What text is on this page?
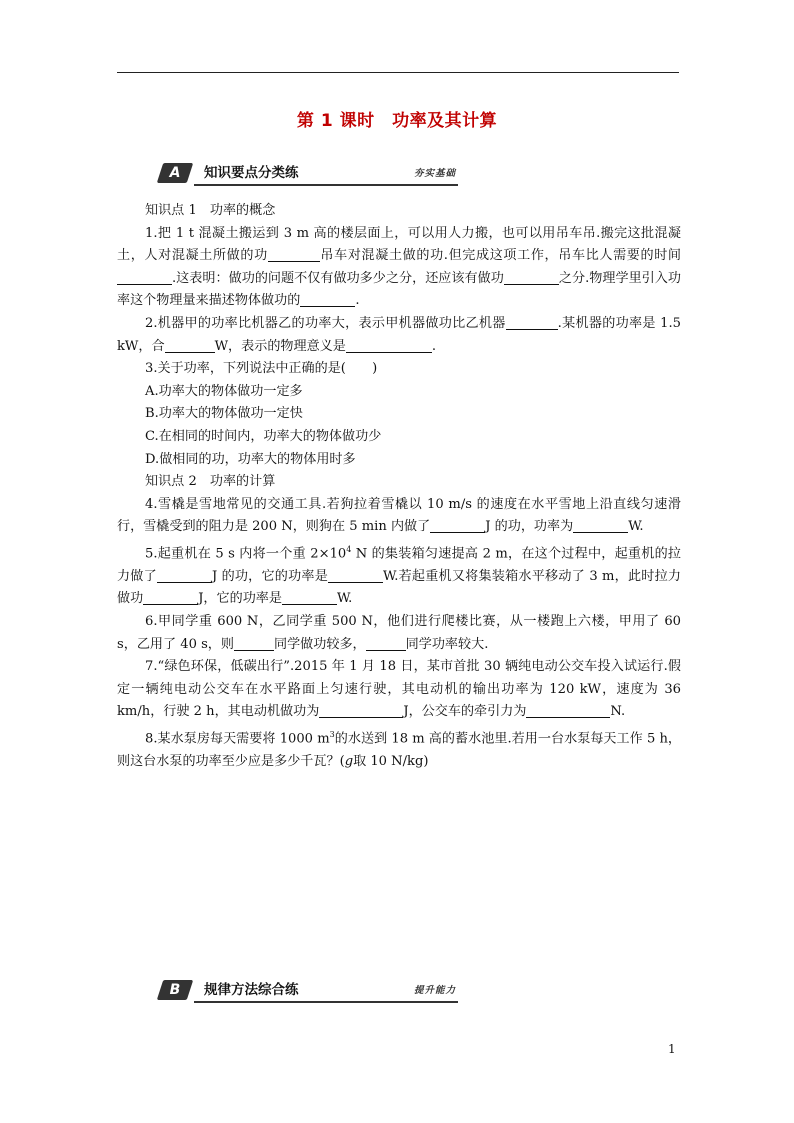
第 1 课时　功率及其计算
A	知识要点分类练	夯实基础

知识点 1　功率的概念

1.把 1 t 混凝土搬运到 3 m 高的楼层面上，可以用人力搬，也可以用吊车吊.搬完这批混凝土，人对混凝土所做的功	吊车对混凝土做的功.但完成这项工作，吊车比人需要的时间.这表明：做功的问题不仅有做功多少之分，还应该有做功	之分.物理学里引入功率这个物理量来描述物体做功的	.

2.机器甲的功率比机器乙的功率大，表示甲机器做功比乙机器	.某机器的功率是 1.5 kW，合	W，表示的物理意义是	.

3.关于功率，下列说法中正确的是(　　)

A.功率大的物体做功一定多

B.功率大的物体做功一定快

C.在相同的时间内，功率大的物体做功少

D.做相同的功，功率大的物体用时多

知识点 2　功率的计算

4.雪橇是雪地常见的交通工具.若狗拉着雪橇以 10 m/s 的速度在水平雪地上沿直线匀速滑行，雪橇受到的阻力是 200 N，则狗在 5 min 内做了	J 的功，功率为	W.

5.起重机在 5 s 内将一个重 $2\times 10^4$ N 的集装箱匀速提高 2 m，在这个过程中，起重机的拉力做了	J 的功，它的功率是	W.若起重机又将集装箱水平移动了 3 m，此时拉力做功	J，它的功率是	W.

6.甲同学重 600 N，乙同学重 500 N，他们进行爬楼比赛，从一楼跑上六楼，甲用了 60 s，乙用了 40 s，则	同学做功较多，	同学功率较大.

7.“绿色环保，低碳出行”.2015 年 1 月 18 日，某市首批 30 辆纯电动公交车投入试运行.假定一辆纯电动公交车在水平路面上匀速行驶，其电动机的输出功率为 120 kW，速度为 36 km/h，行驶 2 h，其电动机做功为	J，公交车的牵引力为	N.

8.某水泵房每天需要将 1000 $m^3$的水送到 18 m 高的蓄水池里.若用一台水泵每天工作 5 h，则这台水泵的功率至少应是多少千瓦？(g取 10 N/kg)

B	规律方法综合练	提升能力
1
